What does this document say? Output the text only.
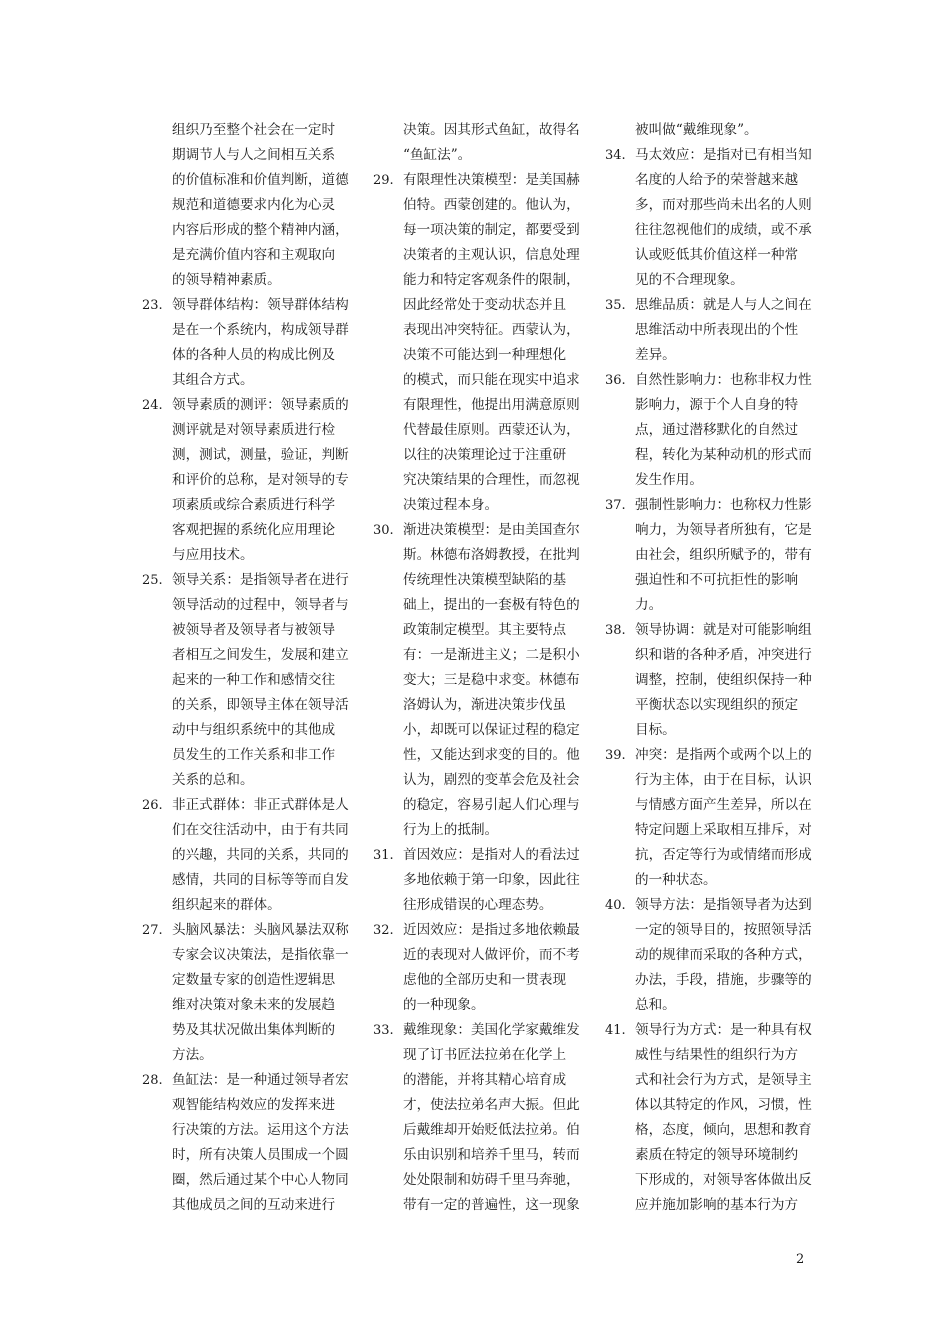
组织乃至整个社会在一定时
期调节人与人之间相互关系
的价值标准和价值判断，道德
规范和道德要求内化为心灵
内容后形成的整个精神内涵，
是充满价值内容和主观取向
的领导精神素质。
23. 领导群体结构：领导群体结构
是在一个系统内，构成领导群
体的各种人员的构成比例及
其组合方式。
24. 领导素质的测评：领导素质的
测评就是对领导素质进行检
测，测试，测量，验证，判断
和评价的总称，是对领导的专
项素质或综合素质进行科学
客观把握的系统化应用理论
与应用技术。
25. 领导关系：是指领导者在进行
领导活动的过程中，领导者与
被领导者及领导者与被领导
者相互之间发生，发展和建立
起来的一种工作和感情交往
的关系，即领导主体在领导活
动中与组织系统中的其他成
员发生的工作关系和非工作
关系的总和。
26. 非正式群体：非正式群体是人
们在交往活动中，由于有共同
的兴趣，共同的关系，共同的
感情，共同的目标等等而自发
组织起来的群体。
27. 头脑风暴法：头脑风暴法双称
专家会议决策法，是指依靠一
定数量专家的创造性逻辑思
维对决策对象未来的发展趋
势及其状况做出集体判断的
方法。
28. 鱼缸法：是一种通过领导者宏
观智能结构效应的发挥来进
行决策的方法。运用这个方法
时，所有决策人员围成一个圆
圈，然后通过某个中心人物同
其他成员之间的互动来进行
决策。因其形式鱼缸，故得名
“鱼缸法”。
29. 有限理性决策模型：是美国赫
伯特。西蒙创建的。他认为，
每一项决策的制定，都要受到
决策者的主观认识，信息处理
能力和特定客观条件的限制，
因此经常处于变动状态并且
表现出冲突特征。西蒙认为，
决策不可能达到一种理想化
的模式，而只能在现实中追求
有限理性，他提出用满意原则
代替最佳原则。西蒙还认为，
以往的决策理论过于注重研
究决策结果的合理性，而忽视
决策过程本身。
30. 渐进决策模型：是由美国查尔
斯。林德布洛姆教授，在批判
传统理性决策模型缺陷的基
础上，提出的一套极有特色的
政策制定模型。其主要特点
有：一是渐进主义；二是积小
变大；三是稳中求变。林德布
洛姆认为，渐进决策步伐虽
小，却既可以保证过程的稳定
性，又能达到求变的目的。他
认为，剧烈的变革会危及社会
的稳定，容易引起人们心理与
行为上的抵制。
31. 首因效应：是指对人的看法过
多地依赖于第一印象，因此往
往形成错误的心理态势。
32. 近因效应：是指过多地依赖最
近的表现对人做评价，而不考
虑他的全部历史和一贯表现
的一种现象。
33. 戴维现象：美国化学家戴维发
现了订书匠法拉弟在化学上
的潜能，并将其精心培育成
才，使法拉弟名声大振。但此
后戴维却开始贬低法拉弟。伯
乐由识别和培养千里马，转而
处处限制和妨碍千里马奔驰，
带有一定的普遍性，这一现象
被叫做“戴维现象”。
34. 马太效应：是指对已有相当知
名度的人给予的荣誉越来越
多，而对那些尚未出名的人则
往往忽视他们的成绩，或不承
认或贬低其价值这样一种常
见的不合理现象。
35. 思维品质：就是人与人之间在
思维活动中所表现出的个性
差异。
36. 自然性影响力：也称非权力性
影响力，源于个人自身的特
点，通过潜移默化的自然过
程，转化为某种动机的形式而
发生作用。
37. 强制性影响力：也称权力性影
响力，为领导者所独有，它是
由社会，组织所赋予的，带有
强迫性和不可抗拒性的影响
力。
38. 领导协调：就是对可能影响组
织和谐的各种矛盾，冲突进行
调整，控制，使组织保持一种
平衡状态以实现组织的预定
目标。
39. 冲突：是指两个或两个以上的
行为主体，由于在目标，认识
与情感方面产生差异，所以在
特定问题上采取相互排斥，对
抗，否定等行为或情绪而形成
的一种状态。
40. 领导方法：是指领导者为达到
一定的领导目的，按照领导活
动的规律而采取的各种方式，
办法，手段，措施，步骤等的
总和。
41. 领导行为方式：是一种具有权
威性与结果性的组织行为方
式和社会行为方式，是领导主
体以其特定的作风，习惯，性
格，态度，倾向，思想和教育
素质在特定的领导环境制约
下形成的，对领导客体做出反
应并施加影响的基本行为方
2
